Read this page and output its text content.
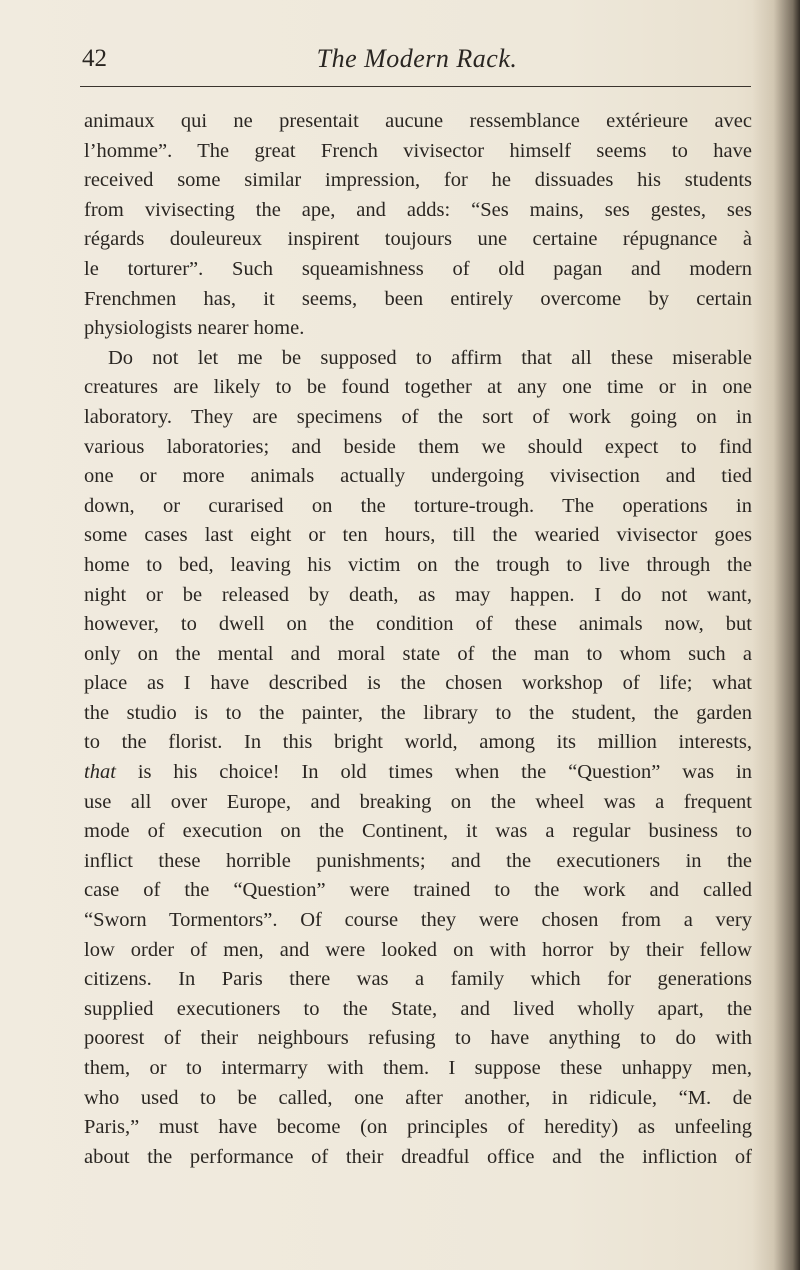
42	The Modern Rack.
animaux qui ne presentait aucune ressemblance extérieure avec
l’homme”. The great French vivisector himself seems to have
received some similar impression, for he dissuades his students
from vivisecting the ape, and adds: “Ses mains, ses gestes, ses
régards douleureux inspirent toujours une certaine répugnance à
le torturer”. Such squeamishness of old pagan and modern
Frenchmen has, it seems, been entirely overcome by certain
physiologists nearer home.
Do not let me be supposed to affirm that all these miserable
creatures are likely to be found together at any one time or in one
laboratory. They are specimens of the sort of work going on in
various laboratories; and beside them we should expect to find
one or more animals actually undergoing vivisection and tied
down, or curarised on the torture-trough. The operations in
some cases last eight or ten hours, till the wearied vivisector goes
home to bed, leaving his victim on the trough to live through the
night or be released by death, as may happen. I do not want,
however, to dwell on the condition of these animals now, but
only on the mental and moral state of the man to whom such a
place as I have described is the chosen workshop of life; what
the studio is to the painter, the library to the student, the garden
to the florist. In this bright world, among its million interests,
that is his choice! In old times when the “Question” was in
use all over Europe, and breaking on the wheel was a frequent
mode of execution on the Continent, it was a regular business to
inflict these horrible punishments; and the executioners in the
case of the “Question” were trained to the work and called
“Sworn Tormentors”. Of course they were chosen from a very
low order of men, and were looked on with horror by their fellow
citizens. In Paris there was a family which for generations
supplied executioners to the State, and lived wholly apart, the
poorest of their neighbours refusing to have anything to do with
them, or to intermarry with them. I suppose these unhappy men,
who used to be called, one after another, in ridicule, “M. de
Paris,” must have become (on principles of heredity) as unfeeling
about the performance of their dreadful office and the infliction of
